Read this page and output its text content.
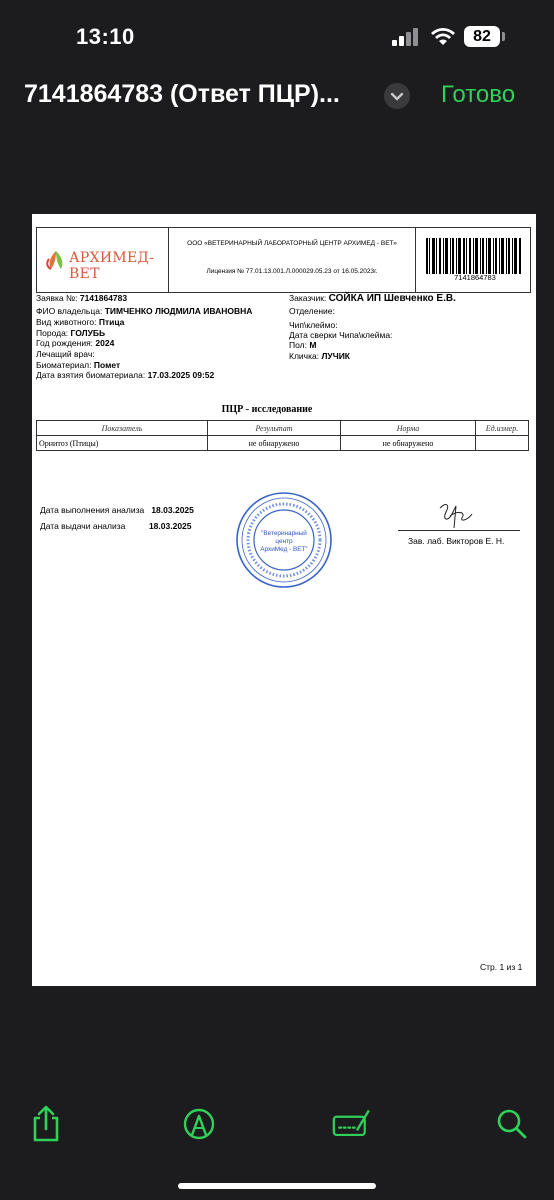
13:10	82
7141864783 (Ответ ПЦР)...	Готово
АРХИМЕД-ВЕТ
ООО «ВЕТЕРИНАРНЫЙ ЛАБОРАТОРНЫЙ ЦЕНТР АРХИМЕД - ВЕТ»
Лицензия № 77.01.13.001.Л.000029.05.23 от 16.05.2023г.
7141864783
Заявка №: 7141864783
ФИО владельца: ТИМЧЕНКО ЛЮДМИЛА ИВАНОВНА
Вид животного: Птица
Порода: ГОЛУБЬ
Год рождения: 2024
Лечащий врач:
Биоматериал: Помет
Дата взятия биоматериала: 17.03.2025 09:52
Заказчик: СОЙКА ИП Шевченко Е.В.
Отделение:
Чип\клеймо:
Дата сверки Чипа\клейма:
Пол: М
Кличка: ЛУЧИК
ПЦР - исследование
Показатель	Результат	Норма	Ед.измер.
Орнитоз (Птицы)	не обнаружено	не обнаружено	
Дата выполнения анализа 18.03.2025
Дата выдачи анализа	18.03.2025
"Ветеринарный
центр
АрхиМед - ВЕТ"
Зав. лаб. Викторов Е. Н.
Стр. 1 из 1
